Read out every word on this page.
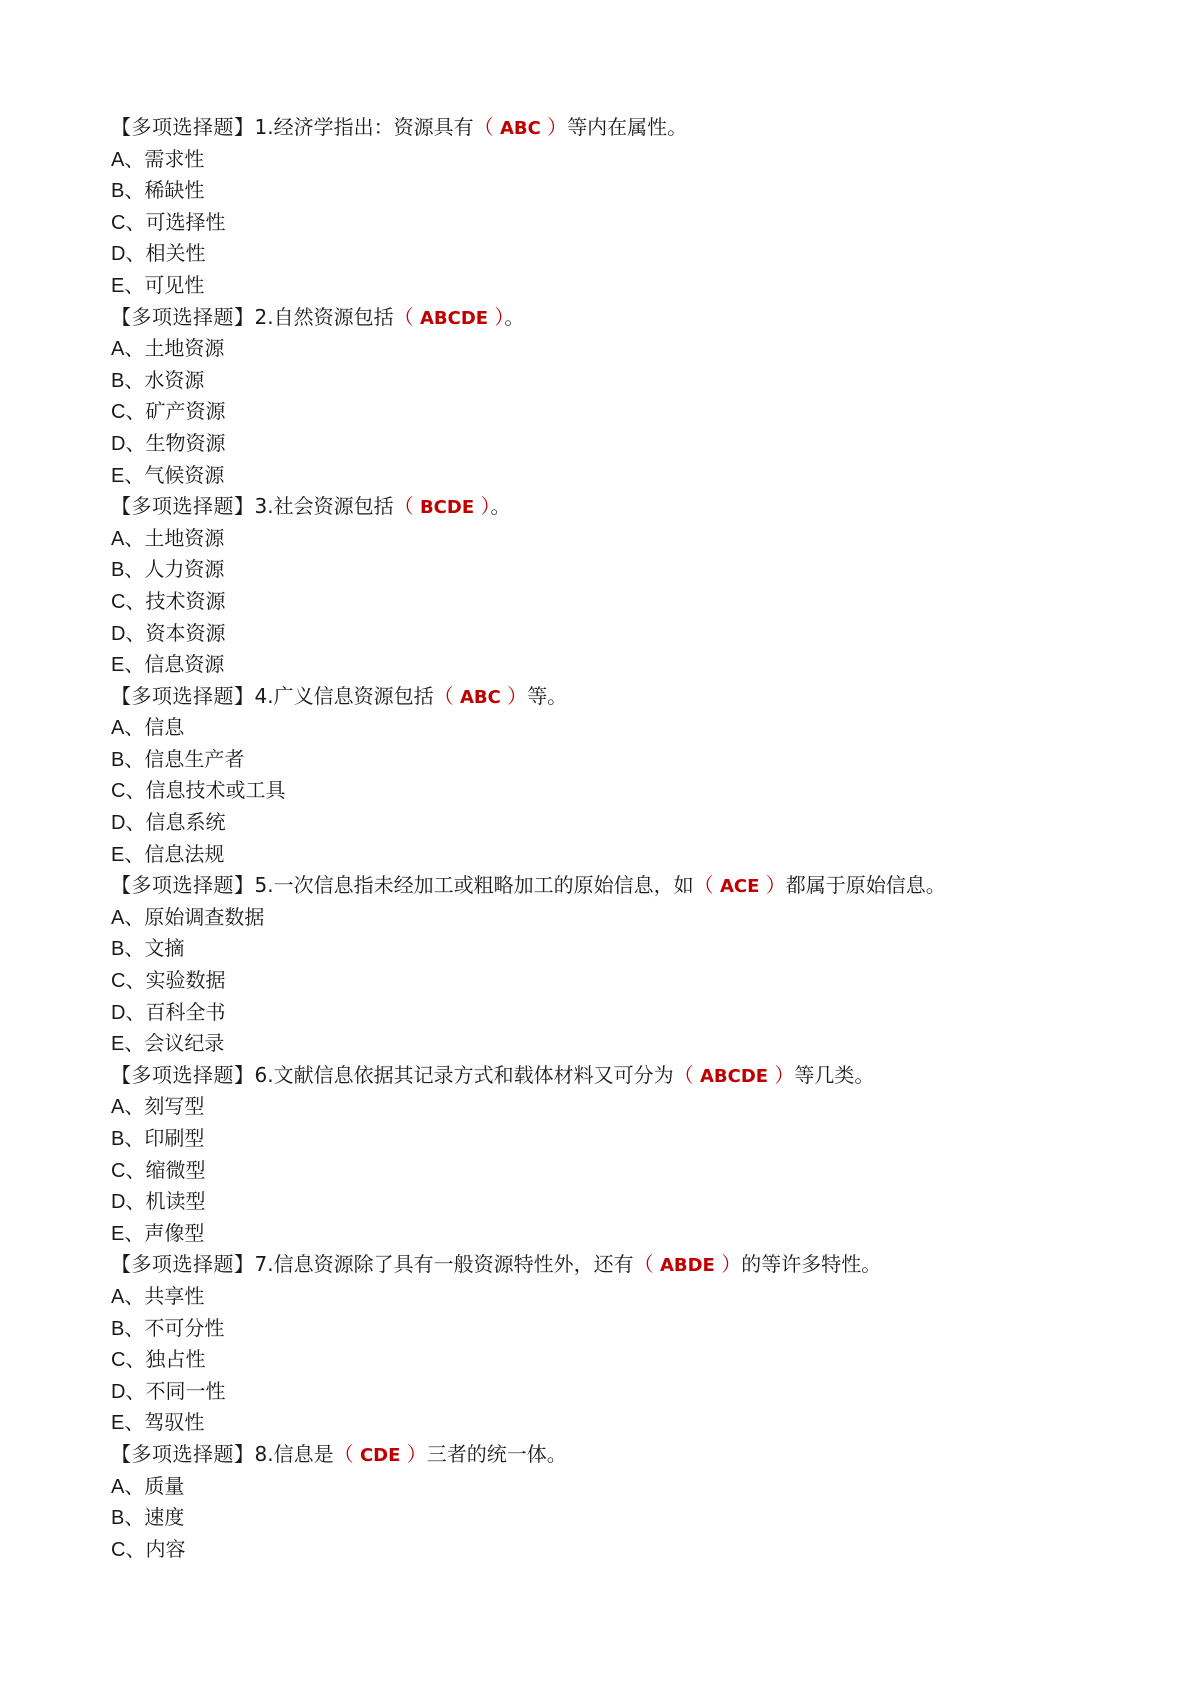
【多项选择题】1.经济学指出：资源具有（ ABC ）等内在属性。
A、需求性
B、稀缺性
C、可选择性
D、相关性
E、可见性
【多项选择题】2.自然资源包括（ ABCDE ）。
A、土地资源
B、水资源
C、矿产资源
D、生物资源
E、气候资源
【多项选择题】3.社会资源包括（ BCDE ）。
A、土地资源
B、人力资源
C、技术资源
D、资本资源
E、信息资源
【多项选择题】4.广义信息资源包括（ ABC ）等。
A、信息
B、信息生产者
C、信息技术或工具
D、信息系统
E、信息法规
【多项选择题】5.一次信息指未经加工或粗略加工的原始信息，如（ ACE ）都属于原始信息。
A、原始调查数据
B、文摘
C、实验数据
D、百科全书
E、会议纪录
【多项选择题】6.文献信息依据其记录方式和载体材料又可分为（ ABCDE ）等几类。
A、刻写型
B、印刷型
C、缩微型
D、机读型
E、声像型
【多项选择题】7.信息资源除了具有一般资源特性外，还有（ ABDE ）的等许多特性。
A、共享性
B、不可分性
C、独占性
D、不同一性
E、驾驭性
【多项选择题】8.信息是（ CDE ）三者的统一体。
A、质量
B、速度
C、内容
